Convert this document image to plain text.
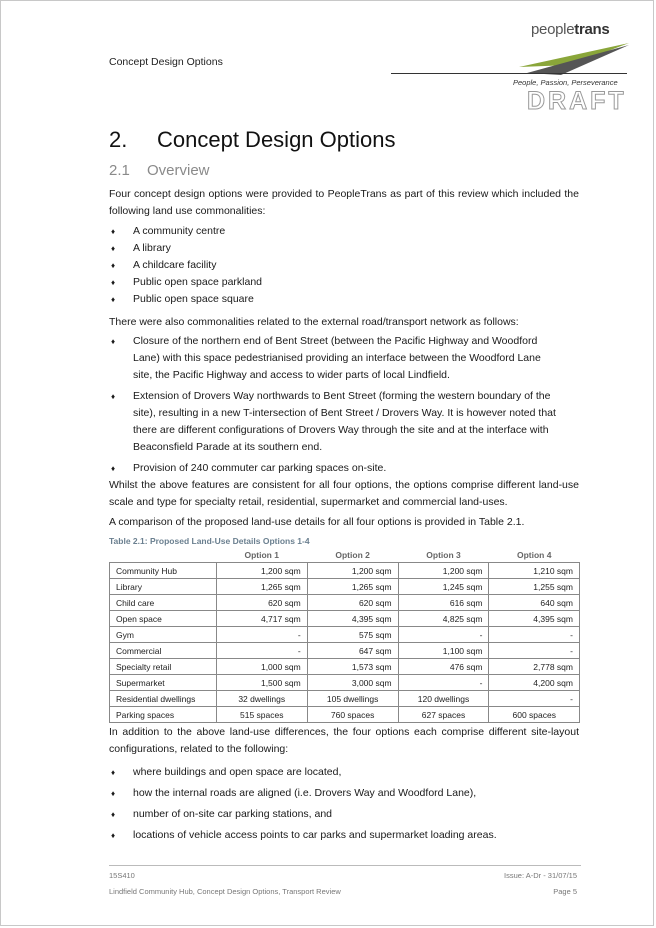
Concept Design Options
peopletrans
People, Passion, Perseverance
DRAFT
2. Concept Design Options
2.1 Overview
Four concept design options were provided to PeopleTrans as part of this review which included the following land use commonalities:
♦ A community centre
♦ A library
♦ A childcare facility
♦ Public open space parkland
♦ Public open space square
There were also commonalities related to the external road/transport network as follows:
♦ Closure of the northern end of Bent Street (between the Pacific Highway and Woodford Lane) with this space pedestrianised providing an interface between the Woodford Lane site, the Pacific Highway and access to wider parts of local Lindfield.
♦ Extension of Drovers Way northwards to Bent Street (forming the western boundary of the site), resulting in a new T-intersection of Bent Street / Drovers Way. It is however noted that there are different configurations of Drovers Way through the site and at the interface with Beaconsfield Parade at its southern end.
♦ Provision of 240 commuter car parking spaces on-site.
Whilst the above features are consistent for all four options, the options comprise different land-use scale and type for specialty retail, residential, supermarket and commercial land-uses.
A comparison of the proposed land-use details for all four options is provided in Table 2.1.
Table 2.1: Proposed Land-Use Details Options 1-4
	Option 1	Option 2	Option 3	Option 4
Community Hub	1,200 sqm	1,200 sqm	1,200 sqm	1,210 sqm
Library	1,265 sqm	1,265 sqm	1,245 sqm	1,255 sqm
Child care	620 sqm	620 sqm	616 sqm	640 sqm
Open space	4,717 sqm	4,395 sqm	4,825 sqm	4,395 sqm
Gym	-	575 sqm	-	-
Commercial	-	647 sqm	1,100 sqm	-
Specialty retail	1,000 sqm	1,573 sqm	476 sqm	2,778 sqm
Supermarket	1,500 sqm	3,000 sqm	-	4,200 sqm
Residential dwellings	32 dwellings	105 dwellings	120 dwellings	-
Parking spaces	515 spaces	760 spaces	627 spaces	600 spaces
In addition to the above land-use differences, the four options each comprise different site-layout configurations, related to the following:
♦ where buildings and open space are located,
♦ how the internal roads are aligned (i.e. Drovers Way and Woodford Lane),
♦ number of on-site car parking stations, and
♦ locations of vehicle access points to car parks and supermarket loading areas.
15S410	Issue: A-Dr - 31/07/15
Lindfield Community Hub, Concept Design Options, Transport Review	Page 5
